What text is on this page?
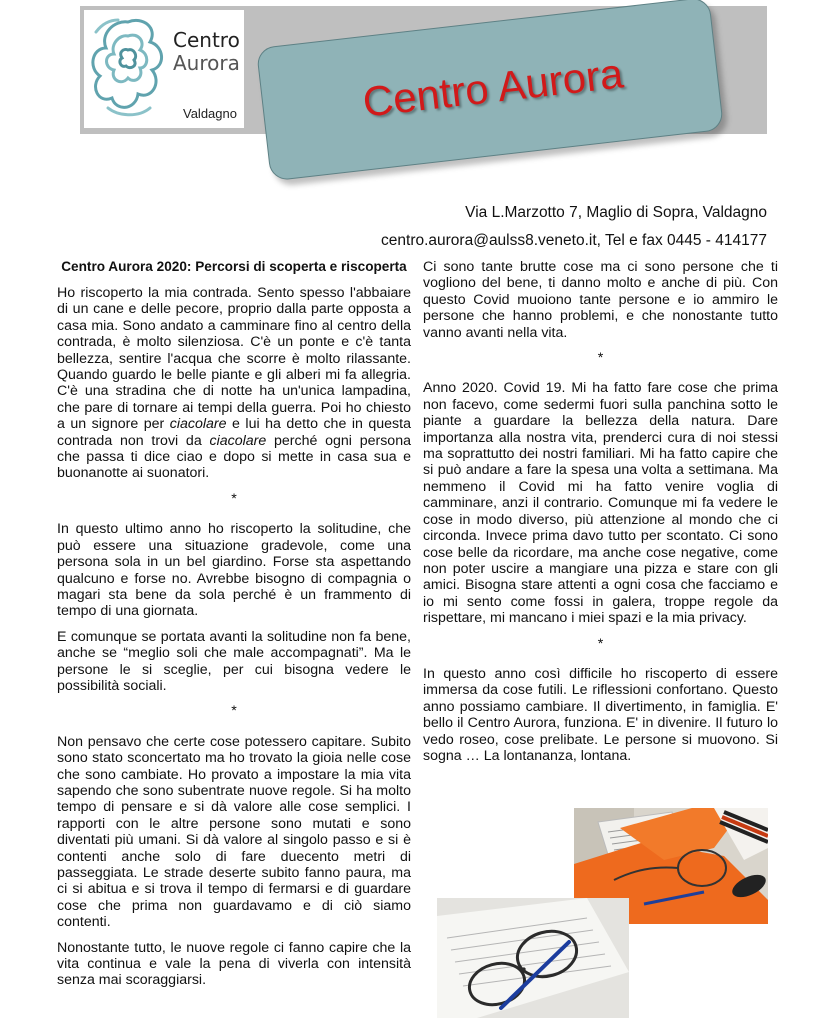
Centro
Aurora
Valdagno	Centro Aurora
Via L.Marzotto 7, Maglio di Sopra, Valdagno
centro.aurora@aulss8.veneto.it, Tel e fax 0445 - 414177
Centro Aurora 2020: Percorsi di scoperta e riscoperta

Ho riscoperto la mia contrada. Sento spesso l'abbaiare di un cane e delle pecore, proprio dalla parte opposta a casa mia. Sono andato a camminare fino al centro della contrada, è molto silenziosa. C'è un ponte e c'è tanta bellezza, sentire l'acqua che scorre è molto rilassante. Quando guardo le belle piante e gli alberi mi fa allegria. C'è una stradina che di notte ha un'unica lampadina, che pare di tornare ai tempi della guerra. Poi ho chiesto a un signore per ciacolare e lui ha detto che in questa contrada non trovi da ciacolare perché ogni persona che passa ti dice ciao e dopo si mette in casa sua e buonanotte ai suonatori.

*

In questo ultimo anno ho riscoperto la solitudine, che può essere una situazione gradevole, come una persona sola in un bel giardino. Forse sta aspettando qualcuno e forse no. Avrebbe bisogno di compagnia o magari sta bene da sola perché è un frammento di tempo di una giornata.

E comunque se portata avanti la solitudine non fa bene, anche se “meglio soli che male accompagnati”. Ma le persone le si sceglie, per cui bisogna vedere le possibilità sociali.

*

Non pensavo che certe cose potessero capitare. Subito sono stato sconcertato ma ho trovato la gioia nelle cose che sono cambiate. Ho provato a impostare la mia vita sapendo che sono subentrate nuove regole. Si ha molto tempo di pensare e si dà valore alle cose semplici. I rapporti con le altre persone sono mutati e sono diventati più umani. Si dà valore al singolo passo e si è contenti anche solo di fare duecento metri di passeggiata. Le strade deserte subito fanno paura, ma ci si abitua e si trova il tempo di fermarsi e di guardare cose che prima non guardavamo e di ciò siamo contenti.

Nonostante tutto, le nuove regole ci fanno capire che la vita continua e vale la pena di viverla con intensità senza mai scoraggiarsi.

Ci sono tante brutte cose ma ci sono persone che ti vogliono del bene, ti danno molto e anche di più. Con questo Covid muoiono tante persone e io ammiro le persone che hanno problemi, e che nonostante tutto vanno avanti nella vita.

*

Anno 2020. Covid 19. Mi ha fatto fare cose che prima non facevo, come sedermi fuori sulla panchina sotto le piante a guardare la bellezza della natura. Dare importanza alla nostra vita, prenderci cura di noi stessi ma soprattutto dei nostri familiari. Mi ha fatto capire che si può andare a fare la spesa una volta a settimana. Ma nemmeno il Covid mi ha fatto venire voglia di camminare, anzi il contrario. Comunque mi fa vedere le cose in modo diverso, più attenzione al mondo che ci circonda. Invece prima davo tutto per scontato. Ci sono cose belle da ricordare, ma anche cose negative, come non poter uscire a mangiare una pizza e stare con gli amici. Bisogna stare attenti a ogni cosa che facciamo e io mi sento come fossi in galera, troppe regole da rispettare, mi mancano i miei spazi e la mia privacy.

*

In questo anno così difficile ho riscoperto di essere immersa da cose futili. Le riflessioni confortano. Questo anno possiamo cambiare. Il divertimento, in famiglia. E' bello il Centro Aurora, funziona. E' in divenire. Il futuro lo vedo roseo, cose prelibate. Le persone si muovono. Si sogna … La lontananza, lontana.
